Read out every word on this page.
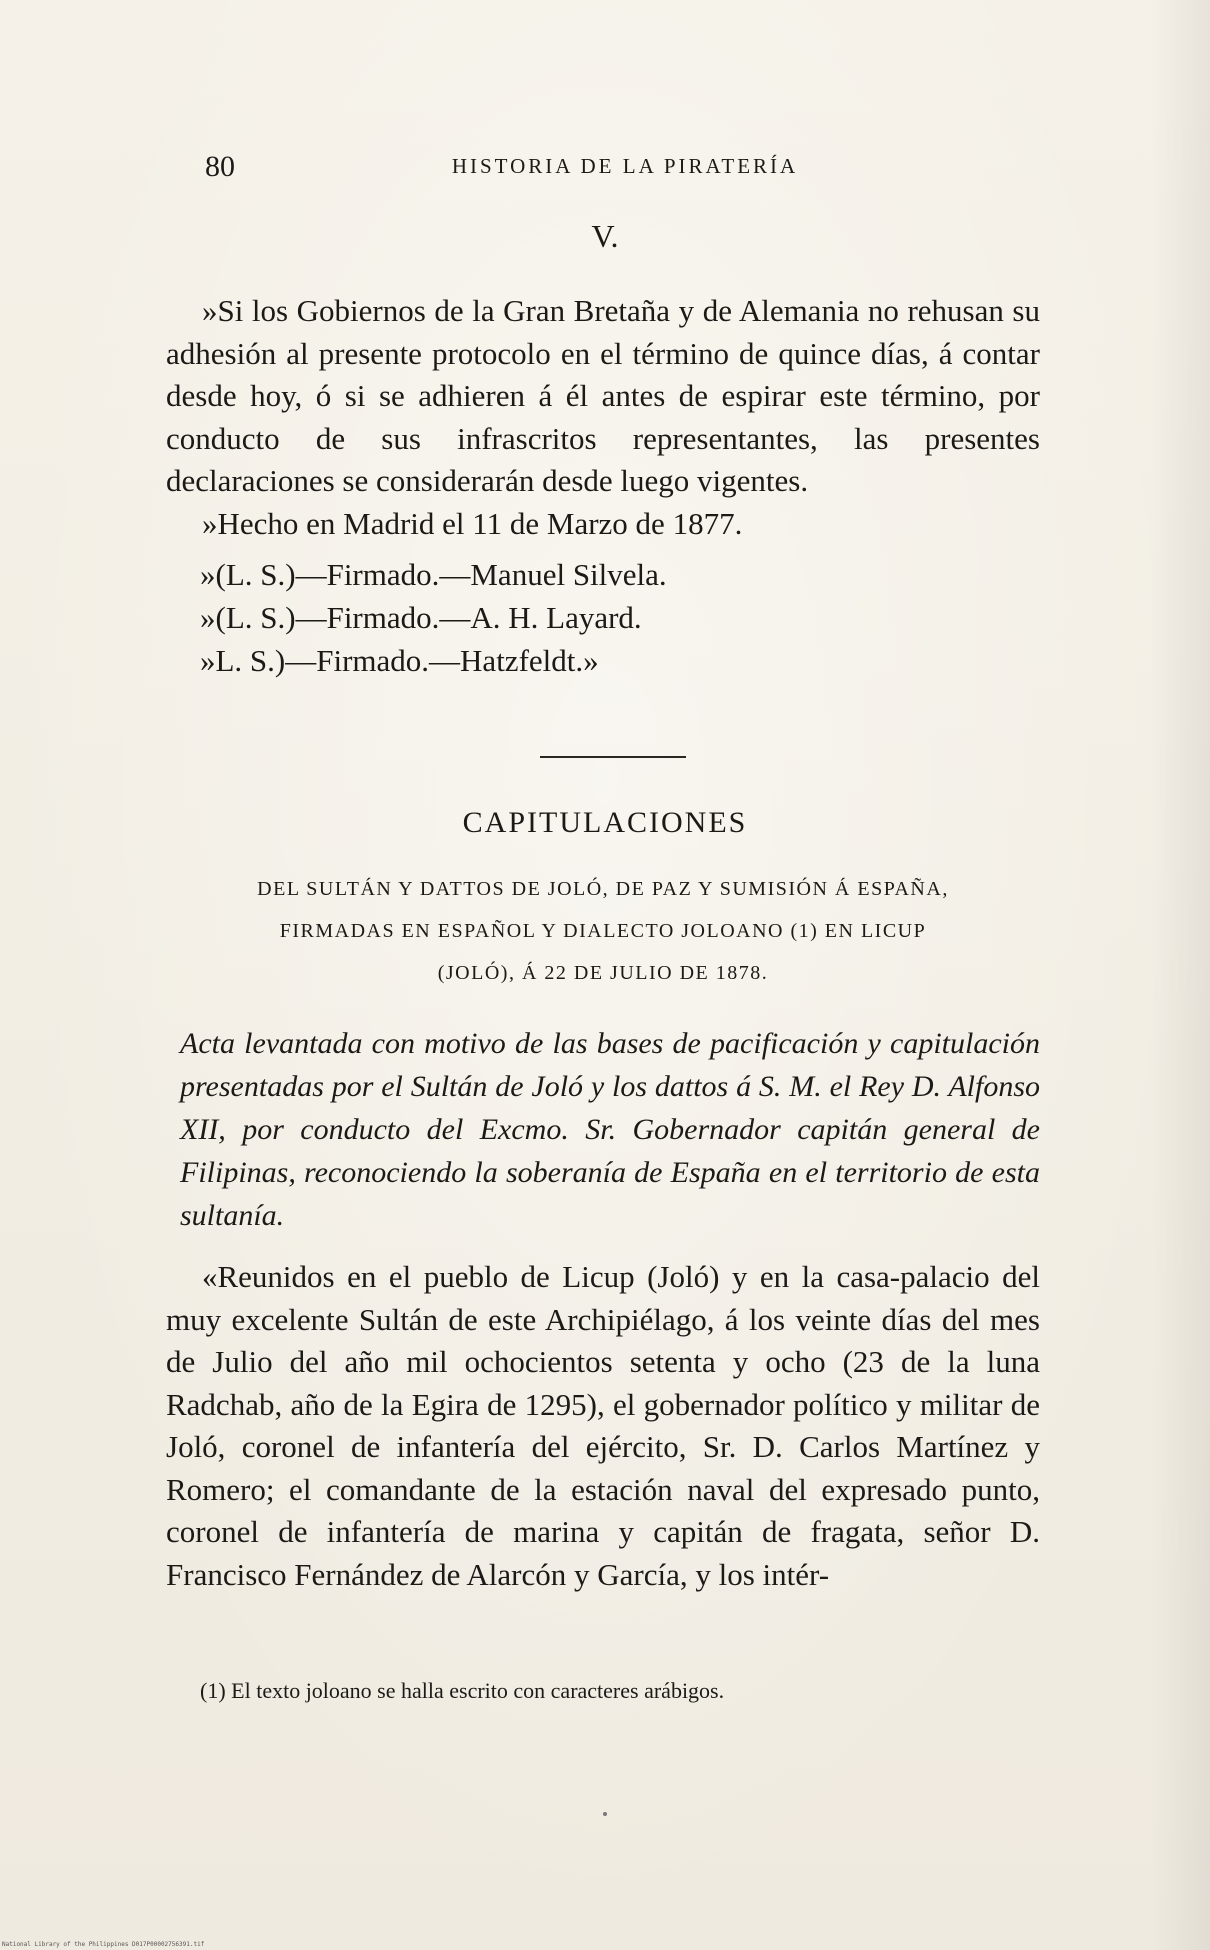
80	HISTORIA DE LA PIRATERÍA
V.

»Si los Gobiernos de la Gran Bretaña y de Alemania no rehusan su adhesión al presente protocolo en el término de quince días, á contar desde hoy, ó si se adhieren á él antes de espirar este término, por conducto de sus infrascritos representantes, las presentes declaraciones se considerarán desde luego vigentes.

»Hecho en Madrid el 11 de Marzo de 1877.

»(L. S.)—Firmado.—Manuel Silvela.
»(L. S.)—Firmado.—A. H. Layard.
»L. S.)—Firmado.—Hatzfeldt.»
CAPITULACIONES
DEL SULTÁN Y DATTOS DE JOLÓ, DE PAZ Y SUMISIÓN Á ESPAÑA,
FIRMADAS EN ESPAÑOL Y DIALECTO JOLOANO (1) EN LICUP
(JOLÓ), Á 22 DE JULIO DE 1878.
Acta levantada con motivo de las bases de pacificación y capitulación presentadas por el Sultán de Joló y los dattos á S. M. el Rey D. Alfonso XII, por conducto del Excmo. Sr. Gobernador capitán general de Filipinas, reconociendo la soberanía de España en el territorio de esta sultanía.

«Reunidos en el pueblo de Licup (Joló) y en la casa-palacio del muy excelente Sultán de este Archipiélago, á los veinte días del mes de Julio del año mil ochocientos setenta y ocho (23 de la luna Radchab, año de la Egira de 1295), el gobernador político y militar de Joló, coronel de infantería del ejército, Sr. D. Carlos Martínez y Romero; el comandante de la estación naval del expresado punto, coronel de infantería de marina y capitán de fragata, señor D. Francisco Fernández de Alarcón y García, y los intér-

(1) El texto joloano se halla escrito con caracteres arábigos.
National Library of the Philippines D017P00002756391.tif
